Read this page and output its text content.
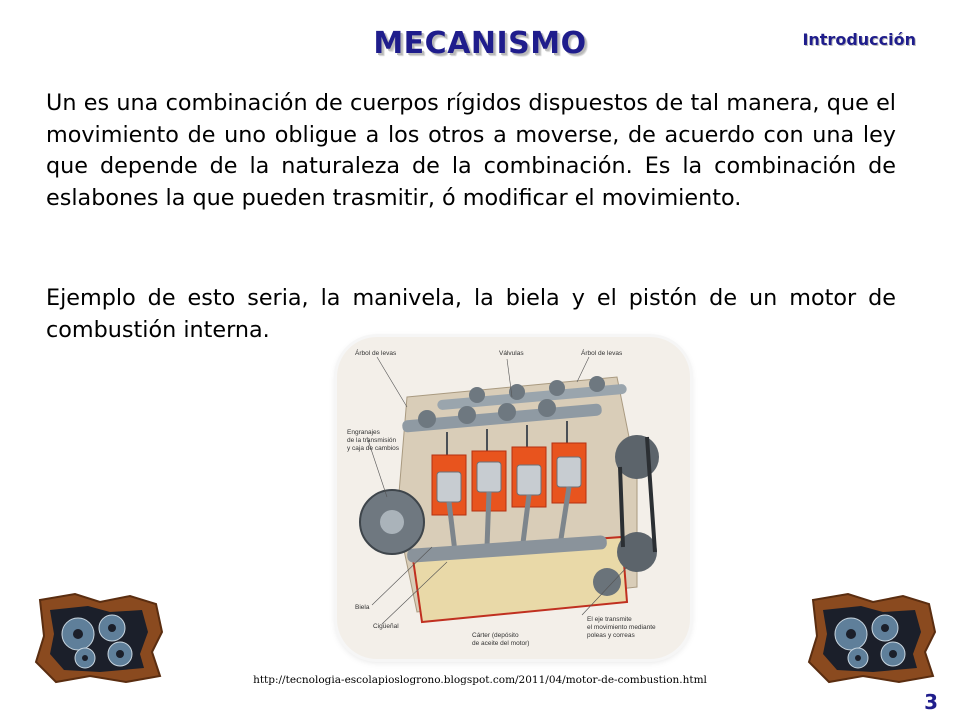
MECANISMO	Introducción

Un es una combinación de cuerpos rígidos dispuestos de tal manera, que el movimiento de uno obligue a los otros a moverse, de acuerdo con una ley que depende de la naturaleza de la combinación. Es la combinación de eslabones la que pueden trasmitir, ó modificar el movimiento.

Ejemplo de esto seria, la manivela, la biela y el pistón de un motor de combustión interna.

Árbol de levas	Válvulas	Árbol de levas
Engranajes
de la transmisión
y caja de cambios
Biela
Cigüeñal
Cárter (depósito
de aceite del motor)
El eje transmite
el movimiento mediante
poleas y correas
http://tecnologia-escolapioslogrono.blogspot.com/2011/04/motor-de-combustion.html
3
